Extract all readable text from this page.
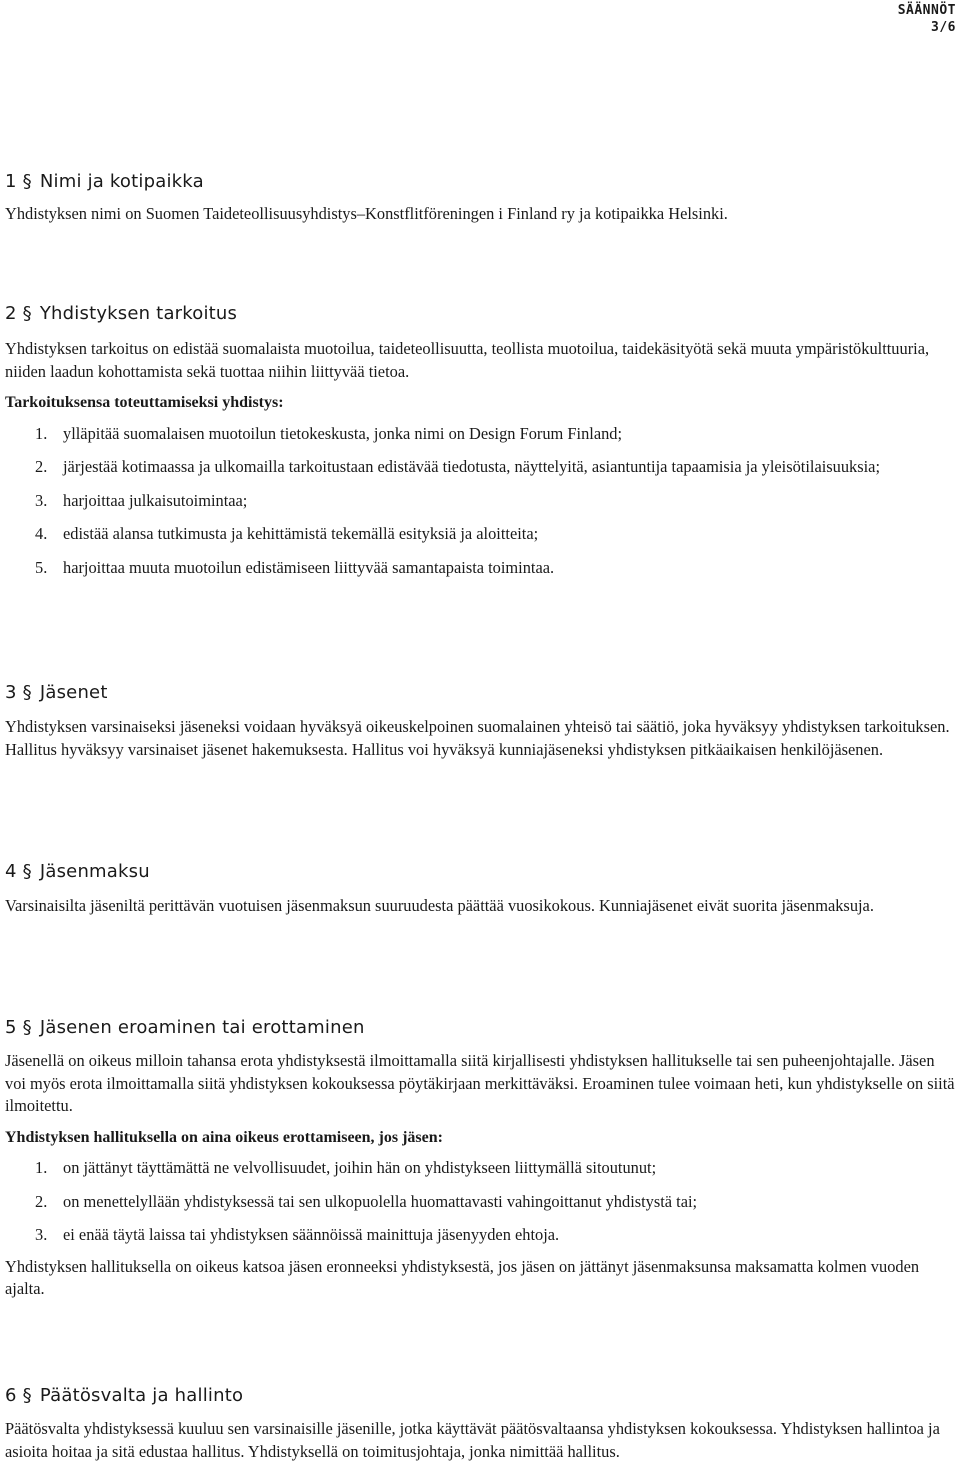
SÄÄNNÖT
3/6
1 § Nimi ja kotipaikka

Yhdistyksen nimi on Suomen Taideteollisuusyhdistys–Konstflitföreningen i Finland ry ja kotipaikka Helsinki.

2 § Yhdistyksen tarkoitus

Yhdistyksen tarkoitus on edistää suomalaista muotoilua, taideteollisuutta, teollista muotoilua, taidekäsityötä sekä muuta ympäristökulttuuria, niiden laadun kohottamista sekä tuottaa niihin liittyvää tietoa.

Tarkoituksensa toteuttamiseksi yhdistys:

1. ylläpitää suomalaisen muotoilun tietokeskusta, jonka nimi on Design Forum Finland;
2. järjestää kotimaassa ja ulkomailla tarkoitustaan edistävää tiedotusta, näyttelyitä, asiantuntija tapaamisia ja yleisötilaisuuksia;
3. harjoittaa julkaisutoimintaa;
4. edistää alansa tutkimusta ja kehittämistä tekemällä esityksiä ja aloitteita;
5. harjoittaa muuta muotoilun edistämiseen liittyvää samantapaista toimintaa.
3 § Jäsenet

Yhdistyksen varsinaiseksi jäseneksi voidaan hyväksyä oikeuskelpoinen suomalainen yhteisö tai säätiö, joka hyväksyy yhdistyksen tarkoituksen. Hallitus hyväksyy varsinaiset jäsenet hakemuksesta. Hallitus voi hyväksyä kunniajäseneksi yhdistyksen pitkäaikaisen henkilöjäsenen.

4 § Jäsenmaksu

Varsinaisilta jäseniltä perittävän vuotuisen jäsenmaksun suuruudesta päättää vuosikokous. Kunniajäsenet eivät suorita jäsenmaksuja.

5 § Jäsenen eroaminen tai erottaminen

Jäsenellä on oikeus milloin tahansa erota yhdistyksestä ilmoittamalla siitä kirjallisesti yhdistyksen hallitukselle tai sen puheenjohtajalle. Jäsen voi myös erota ilmoittamalla siitä yhdistyksen kokouksessa pöytäkirjaan merkittäväksi. Eroaminen tulee voimaan heti, kun yhdistykselle on siitä ilmoitettu.

Yhdistyksen hallituksella on aina oikeus erottamiseen, jos jäsen:

1. on jättänyt täyttämättä ne velvollisuudet, joihin hän on yhdistykseen liittymällä sitoutunut;
2. on menettelyllään yhdistyksessä tai sen ulkopuolella huomattavasti vahingoittanut yhdistystä tai;
3. ei enää täytä laissa tai yhdistyksen säännöissä mainittuja jäsenyyden ehtoja.

Yhdistyksen hallituksella on oikeus katsoa jäsen eronneeksi yhdistyksestä, jos jäsen on jättänyt jäsenmaksunsa maksamatta kolmen vuoden ajalta.

6 § Päätösvalta ja hallinto

Päätösvalta yhdistyksessä kuuluu sen varsinaisille jäsenille, jotka käyttävät päätösvaltaansa yhdistyksen kokouksessa. Yhdistyksen hallintoa ja asioita hoitaa ja sitä edustaa hallitus. Yhdistyksellä on toimitusjohtaja, jonka nimittää hallitus.
